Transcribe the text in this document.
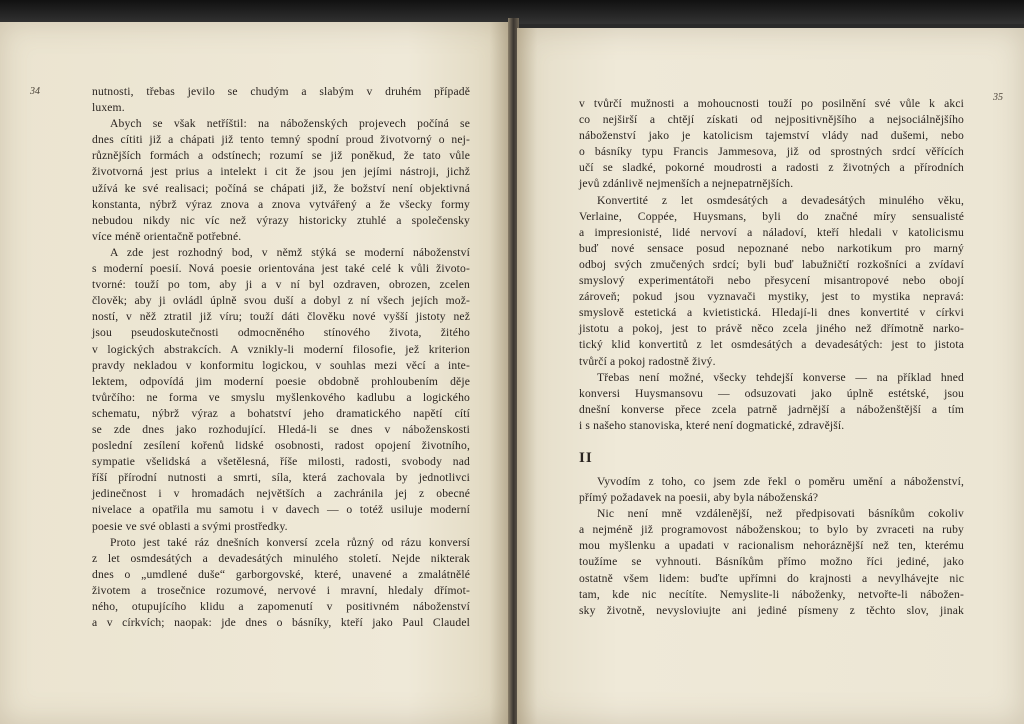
34	nutnosti, třebas jevilo se chudým a slabým v druhém případě
luxem.
Abych se však netříštil: na náboženských projevech počíná se
dnes cítiti již a chápati již tento temný spodní proud životvorný o nej-
různějších formách a odstínech; rozumí se již poněkud, že tato vůle
životvorná jest prius a intelekt i cit že jsou jen jejími nástroji, jichž
užívá ke své realisaci; počíná se chápati již, že božství není objektivná
konstanta, nýbrž výraz znova a znova vytvářený a že všecky formy
nebudou nikdy nic víc než výrazy historicky ztuhlé a společensky
více méně orientačně potřebné.
A zde jest rozhodný bod, v němž stýká se moderní náboženství
s moderní poesií. Nová poesie orientována jest také celé k vůli životo-
tvorné: touží po tom, aby ji a v ní byl ozdraven, obrozen, zcelen
člověk; aby ji ovládl úplně svou duší a dobyl z ní všech jejích mož-
ností, v něž ztratil již víru; touží dáti člověku nové vyšší jistoty než
jsou pseudoskutečnosti odmocněného stínového života, žitého
v logických abstrakcích. A vznikly-li moderní filosofie, jež kriterion
pravdy nekladou v konformitu logickou, v souhlas mezi věcí a inte-
lektem, odpovídá jim moderní poesie obdobně prohloubením děje
tvůrčího: ne forma ve smyslu myšlenkového kadlubu a logického
schematu, nýbrž výraz a bohatství jeho dramatického napětí cítí
se zde dnes jako rozhodující. Hledá-li se dnes v náboženskosti
poslední zesílení kořenů lidské osobnosti, radost opojení životního,
sympatie všelidská a všetělesná, říše milosti, radosti, svobody nad
říší přírodní nutnosti a smrti, síla, která zachovala by jednotlivci
jedinečnost i v hromadách největších a zachránila jej z obecné
nivelace a opatřila mu samotu i v davech — o totéž usiluje moderní
poesie ve své oblasti a svými prostředky.
Proto jest také ráz dnešních konversí zcela různý od rázu konversí
z let osmdesátých a devadesátých minulého století. Nejde nikterak
dnes o „umdlené duše“ garborgovské, které, unavené a zmalátnělé
životem a trosečnice rozumové, nervové i mravní, hledaly dřímot-
ného, otupujícího klidu a zapomenutí v positivném náboženství
a v církvích; naopak: jde dnes o básníky, kteří jako Paul Claudel
v tvůrčí mužnosti a mohoucnosti touží po posilnění své vůle k akci
co nejširší a chtějí získati od nejpositivnějšího a nejsociálnějšího
náboženství jako je katolicism tajemství vlády nad dušemi, nebo
o básníky typu Francis Jammesova, již od sprostných srdcí věřících
učí se sladké, pokorné moudrosti a radosti z životných a přírodních
jevů zdánlivě nejmenších a nejnepatrnějších.
Konvertité z let osmdesátých a devadesátých minulého věku,
Verlaine, Coppée, Huysmans, byli do značné míry sensualisté
a impresionisté, lidé nervoví a náladoví, kteří hledali v katolicismu
buď nové sensace posud nepoznané nebo narkotikum pro marný
odboj svých zmučených srdcí; byli buď labužničtí rozkošníci a zvídaví
smyslový experimentátoři nebo přesycení misantropové nebo obojí
zároveň; pokud jsou vyznavači mystiky, jest to mystika nepravá:
smyslově estetická a kvietistická. Hledají-li dnes konvertité v církvi
jistotu a pokoj, jest to právě něco zcela jiného než dřímotně narko-
tický klid konvertitů z let osmdesátých a devadesátých: jest to jistota
tvůrčí a pokoj radostně živý.
Třebas není možné, všecky tehdejší konverse — na příklad hned
konversi Huysmansovu — odsuzovati jako úplně estétské, jsou
dnešní konverse přece zcela patrně jadrnější a náboženštější a tím
i s našeho stanoviska, které není dogmatické, zdravější.
II
Vyvodím z toho, co jsem zde řekl o poměru umění a náboženství,
přímý požadavek na poesii, aby byla náboženská?
Nic není mně vzdálenější, než předpisovati básníkům cokoliv
a nejméně již programovost náboženskou; to bylo by zvraceti na ruby
mou myšlenku a upadati v racionalism nehoráznější než ten, kterému
toužíme se vyhnouti. Básníkům přímo možno říci jediné, jako
ostatně všem lidem: buďte upřímni do krajnosti a nevylhávejte nic
tam, kde nic necítíte. Nemyslite-li náboženky, netvořte-li nábožen-
sky životně, nevysloviujte ani jediné písmeny z těchto slov, jinak
35
